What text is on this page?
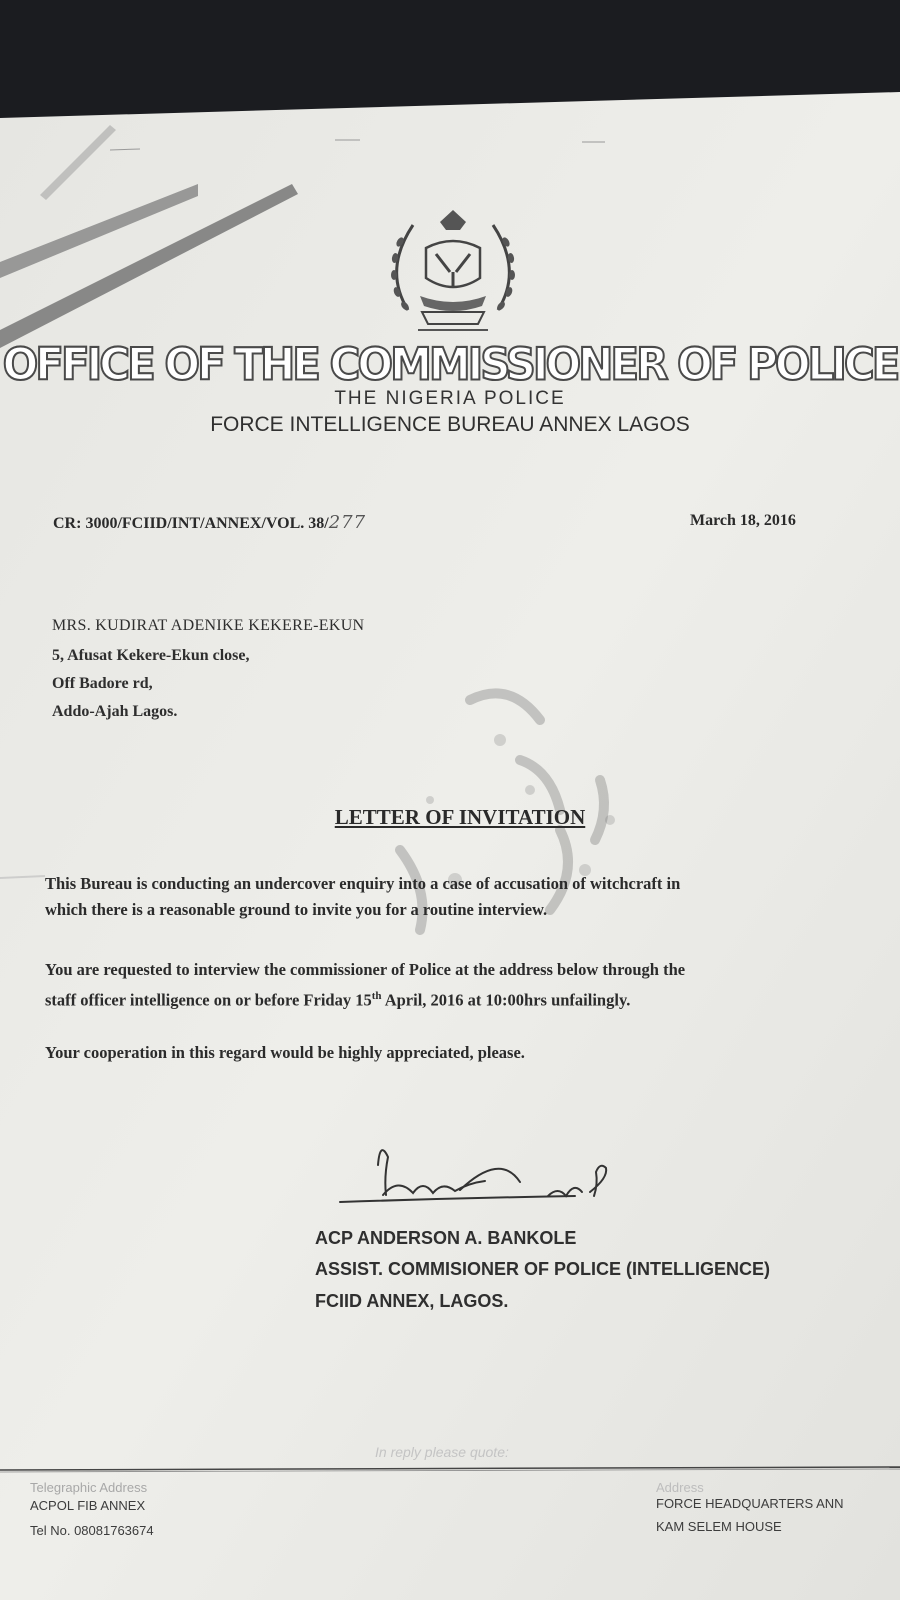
OFFICE OF THE COMMISSIONER OF POLICE
THE NIGERIA POLICE
FORCE INTELLIGENCE BUREAU ANNEX LAGOS
CR: 3000/FCIID/INT/ANNEX/VOL. 38/277	March 18, 2016
MRS. KUDIRAT ADENIKE KEKERE-EKUN
5, Afusat Kekere-Ekun close,
Off Badore rd,
Addo-Ajah Lagos.
LETTER OF INVITATION
This Bureau is conducting an undercover enquiry into a case of accusation of witchcraft in
which there is a reasonable ground to invite you for a routine interview.
You are requested to interview the commissioner of Police at the address below through the
staff officer intelligence on or before Friday 15th April, 2016 at 10:00hrs unfailingly.
Your cooperation in this regard would be highly appreciated, please.
ACP ANDERSON A. BANKOLE
ASSIST. COMMISIONER OF POLICE (INTELLIGENCE)
FCIID ANNEX, LAGOS.
In reply please quote:
Telegraphic Address
ACPOL FIB ANNEX
Tel No. 08081763674
Address
FORCE HEADQUARTERS ANN
KAM SELEM HOUSE
